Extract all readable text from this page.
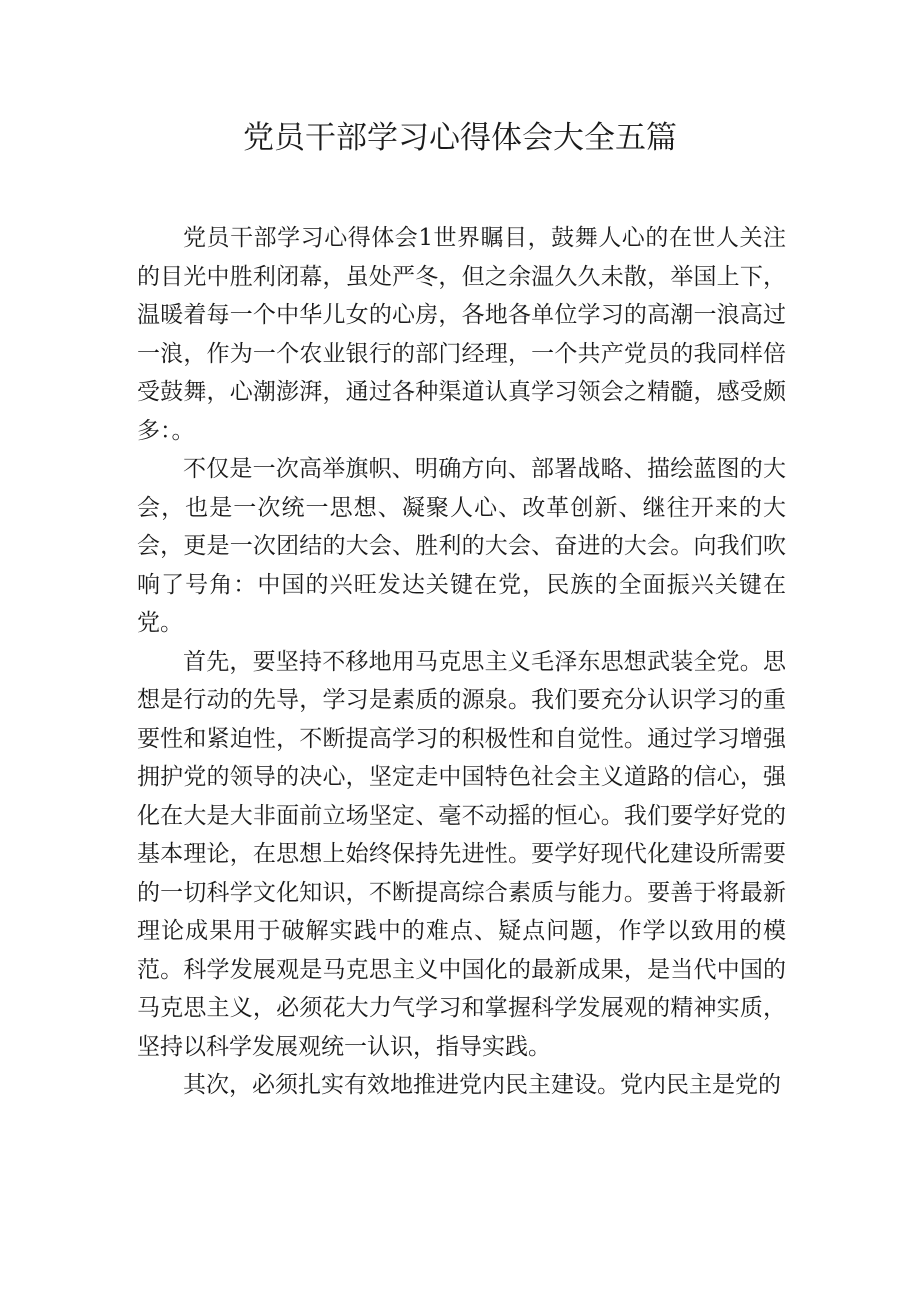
党员干部学习心得体会大全五篇

党员干部学习心得体会1世界瞩目，鼓舞人心的在世人关注的目光中胜利闭幕，虽处严冬，但之余温久久未散，举国上下，温暖着每一个中华儿女的心房，各地各单位学习的高潮一浪高过一浪，作为一个农业银行的部门经理，一个共产党员的我同样倍受鼓舞，心潮澎湃，通过各种渠道认真学习领会之精髓，感受颇多：。

不仅是一次高举旗帜、明确方向、部署战略、描绘蓝图的大会，也是一次统一思想、凝聚人心、改革创新、继往开来的大会，更是一次团结的大会、胜利的大会、奋进的大会。向我们吹响了号角：中国的兴旺发达关键在党，民族的全面振兴关键在党。

首先，要坚持不移地用马克思主义毛泽东思想武装全党。思想是行动的先导，学习是素质的源泉。我们要充分认识学习的重要性和紧迫性，不断提高学习的积极性和自觉性。通过学习增强拥护党的领导的决心，坚定走中国特色社会主义道路的信心，强化在大是大非面前立场坚定、毫不动摇的恒心。我们要学好党的基本理论，在思想上始终保持先进性。要学好现代化建设所需要的一切科学文化知识，不断提高综合素质与能力。要善于将最新理论成果用于破解实践中的难点、疑点问题，作学以致用的模范。科学发展观是马克思主义中国化的最新成果，是当代中国的马克思主义，必须花大力气学习和掌握科学发展观的精神实质，坚持以科学发展观统一认识，指导实践。

其次，必须扎实有效地推进党内民主建设。党内民主是党的
